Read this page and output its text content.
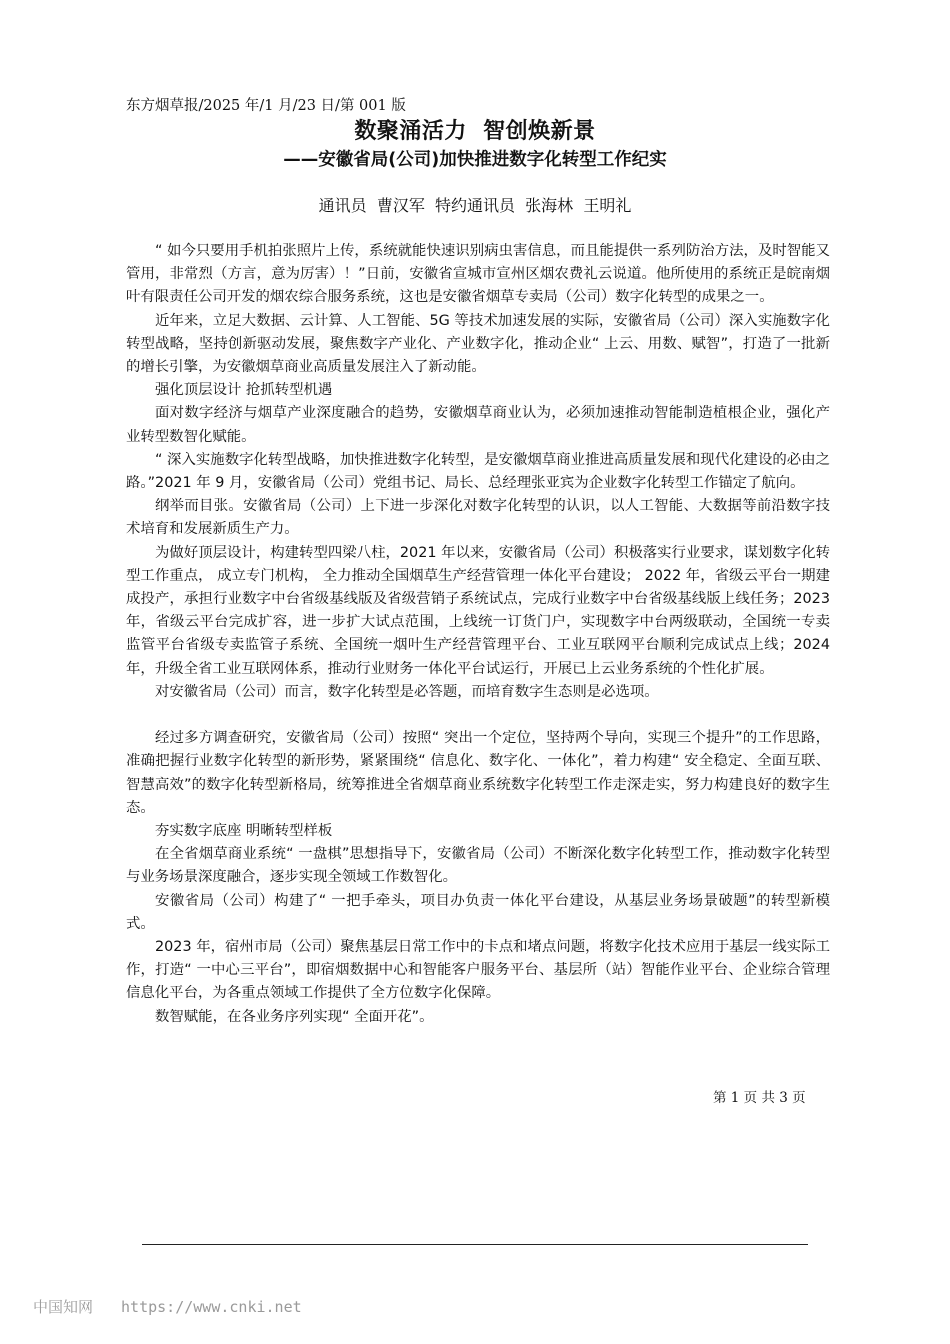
东方烟草报/2025 年/1 月/23 日/第 001 版
数聚涌活力  智创焕新景
——安徽省局(公司)加快推进数字化转型工作纪实
通讯员  曹汉军  特约通讯员  张海林  王明礼

“ 如今只要用手机拍张照片上传，系统就能快速识别病虫害信息，而且能提供一系列防治方法，及时智能又管用，非常烈（方言，意为厉害）！”日前，安徽省宣城市宣州区烟农费礼云说道。他所使用的系统正是皖南烟叶有限责任公司开发的烟农综合服务系统，这也是安徽省烟草专卖局（公司）数字化转型的成果之一。

近年来，立足大数据、云计算、人工智能、5G 等技术加速发展的实际，安徽省局（公司）深入实施数字化转型战略，坚持创新驱动发展，聚焦数字产业化、产业数字化，推动企业“ 上云、用数、赋智”，打造了一批新的增长引擎，为安徽烟草商业高质量发展注入了新动能。

强化顶层设计 抢抓转型机遇

面对数字经济与烟草产业深度融合的趋势，安徽烟草商业认为，必须加速推动智能制造植根企业，强化产业转型数智化赋能。

“ 深入实施数字化转型战略，加快推进数字化转型，是安徽烟草商业推进高质量发展和现代化建设的必由之路。”2021 年 9 月，安徽省局（公司）党组书记、局长、总经理张亚宾为企业数字化转型工作锚定了航向。

纲举而目张。安徽省局（公司）上下进一步深化对数字化转型的认识，以人工智能、大数据等前沿数字技术培育和发展新质生产力。

为做好顶层设计，构建转型四梁八柱，2021 年以来，安徽省局（公司）积极落实行业要求，谋划数字化转型工作重点， 成立专门机构， 全力推动全国烟草生产经营管理一体化平台建设； 2022 年，省级云平台一期建成投产，承担行业数字中台省级基线版及省级营销子系统试点，完成行业数字中台省级基线版上线任务；2023 年，省级云平台完成扩容，进一步扩大试点范围，上线统一订货门户，实现数字中台两级联动，全国统一专卖监管平台省级专卖监管子系统、全国统一烟叶生产经营管理平台、工业互联网平台顺利完成试点上线；2024 年，升级全省工业互联网体系，推动行业财务一体化平台试运行，开展已上云业务系统的个性化扩展。

对安徽省局（公司）而言，数字化转型是必答题，而培育数字生态则是必选项。

经过多方调查研究，安徽省局（公司）按照“ 突出一个定位，坚持两个导向，实现三个提升”的工作思路，准确把握行业数字化转型的新形势，紧紧围绕“ 信息化、数字化、一体化”，着力构建“ 安全稳定、全面互联、智慧高效”的数字化转型新格局，统筹推进全省烟草商业系统数字化转型工作走深走实，努力构建良好的数字生态。

夯实数字底座 明晰转型样板

在全省烟草商业系统“ 一盘棋”思想指导下，安徽省局（公司）不断深化数字化转型工作，推动数字化转型与业务场景深度融合，逐步实现全领域工作数智化。

安徽省局（公司）构建了“ 一把手牵头，项目办负责一体化平台建设，从基层业务场景破题”的转型新模式。

2023 年，宿州市局（公司）聚焦基层日常工作中的卡点和堵点问题，将数字化技术应用于基层一线实际工作，打造“ 一中心三平台”，即宿烟数据中心和智能客户服务平台、基层所（站）智能作业平台、企业综合管理信息化平台，为各重点领域工作提供了全方位数字化保障。

数智赋能，在各业务序列实现“ 全面开花”。

第 1 页 共 3 页
中国知网 https://www.cnki.net
